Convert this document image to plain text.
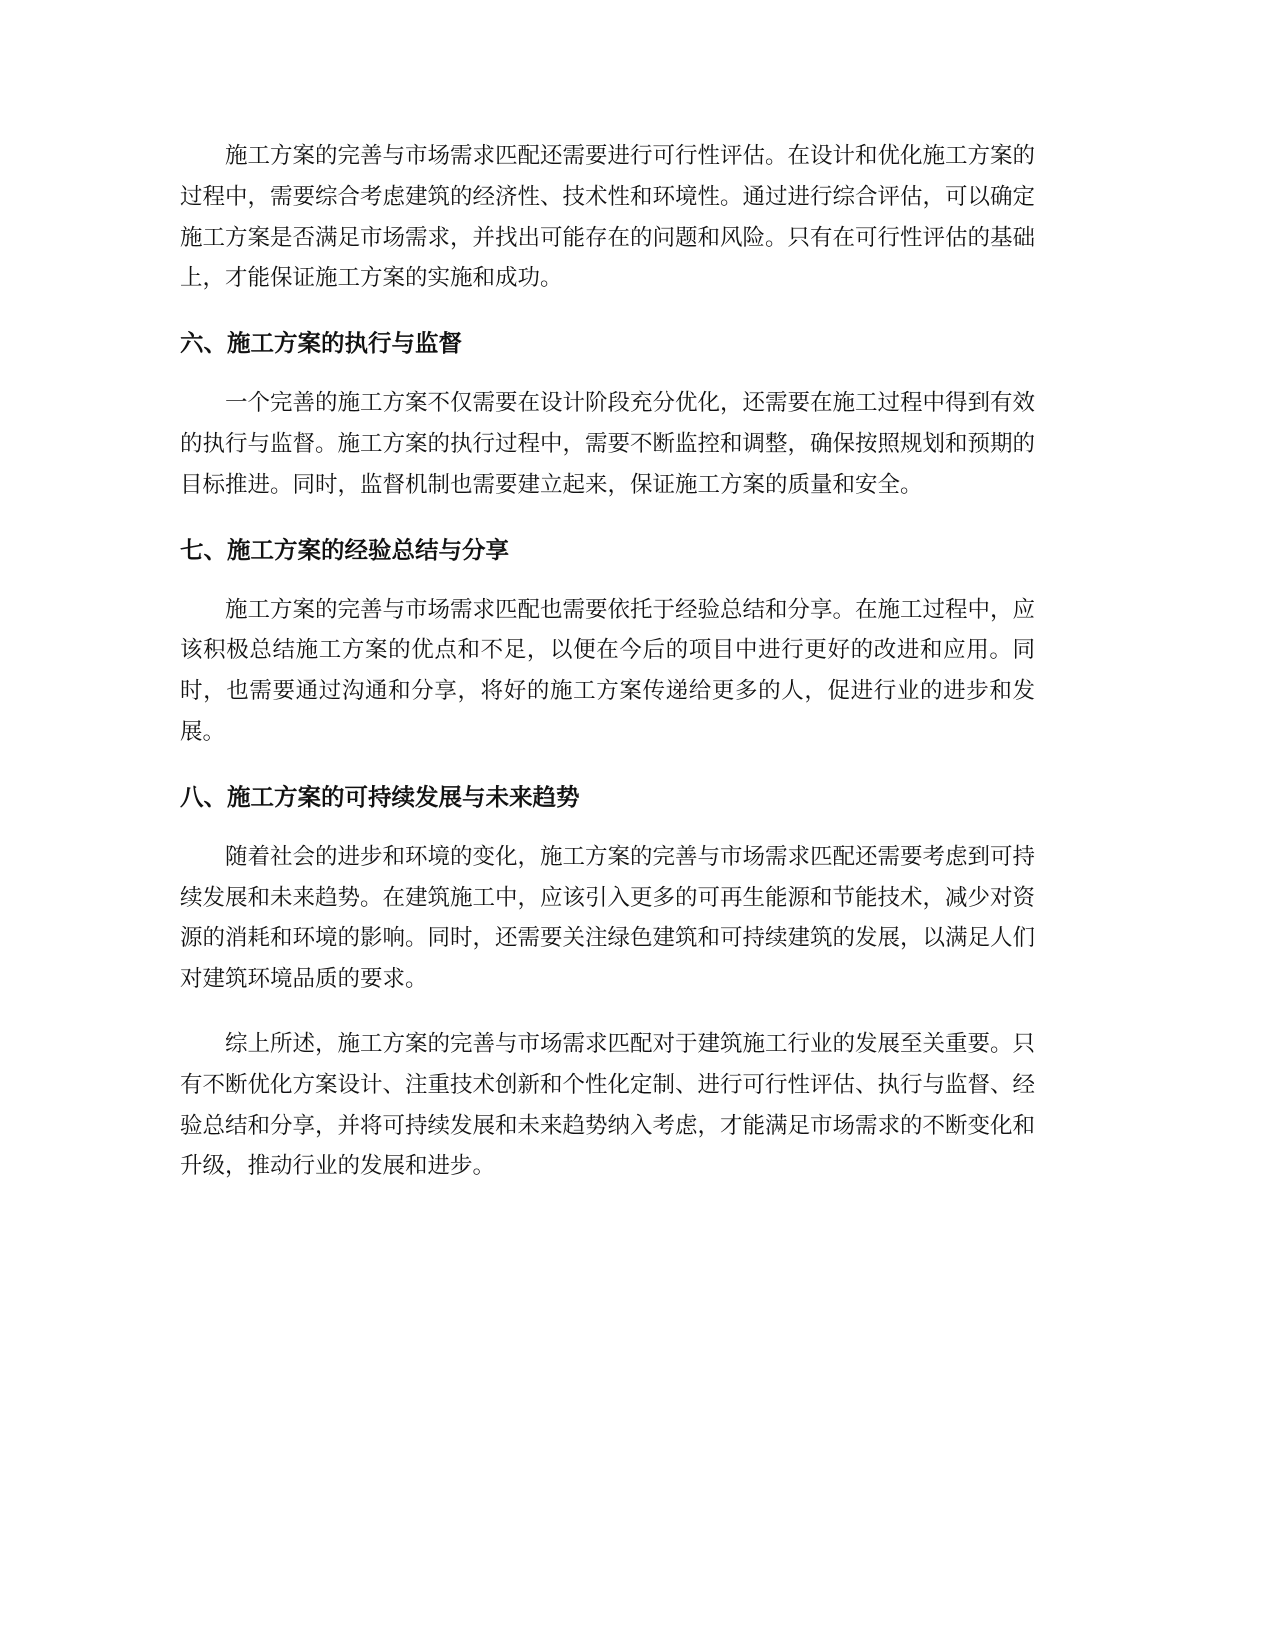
施工方案的完善与市场需求匹配还需要进行可行性评估。在设计和优化施工方案的过程中，需要综合考虑建筑的经济性、技术性和环境性。通过进行综合评估，可以确定施工方案是否满足市场需求，并找出可能存在的问题和风险。只有在可行性评估的基础上，才能保证施工方案的实施和成功。

六、施工方案的执行与监督

一个完善的施工方案不仅需要在设计阶段充分优化，还需要在施工过程中得到有效的执行与监督。施工方案的执行过程中，需要不断监控和调整，确保按照规划和预期的目标推进。同时，监督机制也需要建立起来，保证施工方案的质量和安全。

七、施工方案的经验总结与分享

施工方案的完善与市场需求匹配也需要依托于经验总结和分享。在施工过程中，应该积极总结施工方案的优点和不足，以便在今后的项目中进行更好的改进和应用。同时，也需要通过沟通和分享，将好的施工方案传递给更多的人，促进行业的进步和发展。

八、施工方案的可持续发展与未来趋势

随着社会的进步和环境的变化，施工方案的完善与市场需求匹配还需要考虑到可持续发展和未来趋势。在建筑施工中，应该引入更多的可再生能源和节能技术，减少对资源的消耗和环境的影响。同时，还需要关注绿色建筑和可持续建筑的发展，以满足人们对建筑环境品质的要求。

综上所述，施工方案的完善与市场需求匹配对于建筑施工行业的发展至关重要。只有不断优化方案设计、注重技术创新和个性化定制、进行可行性评估、执行与监督、经验总结和分享，并将可持续发展和未来趋势纳入考虑，才能满足市场需求的不断变化和升级，推动行业的发展和进步。
